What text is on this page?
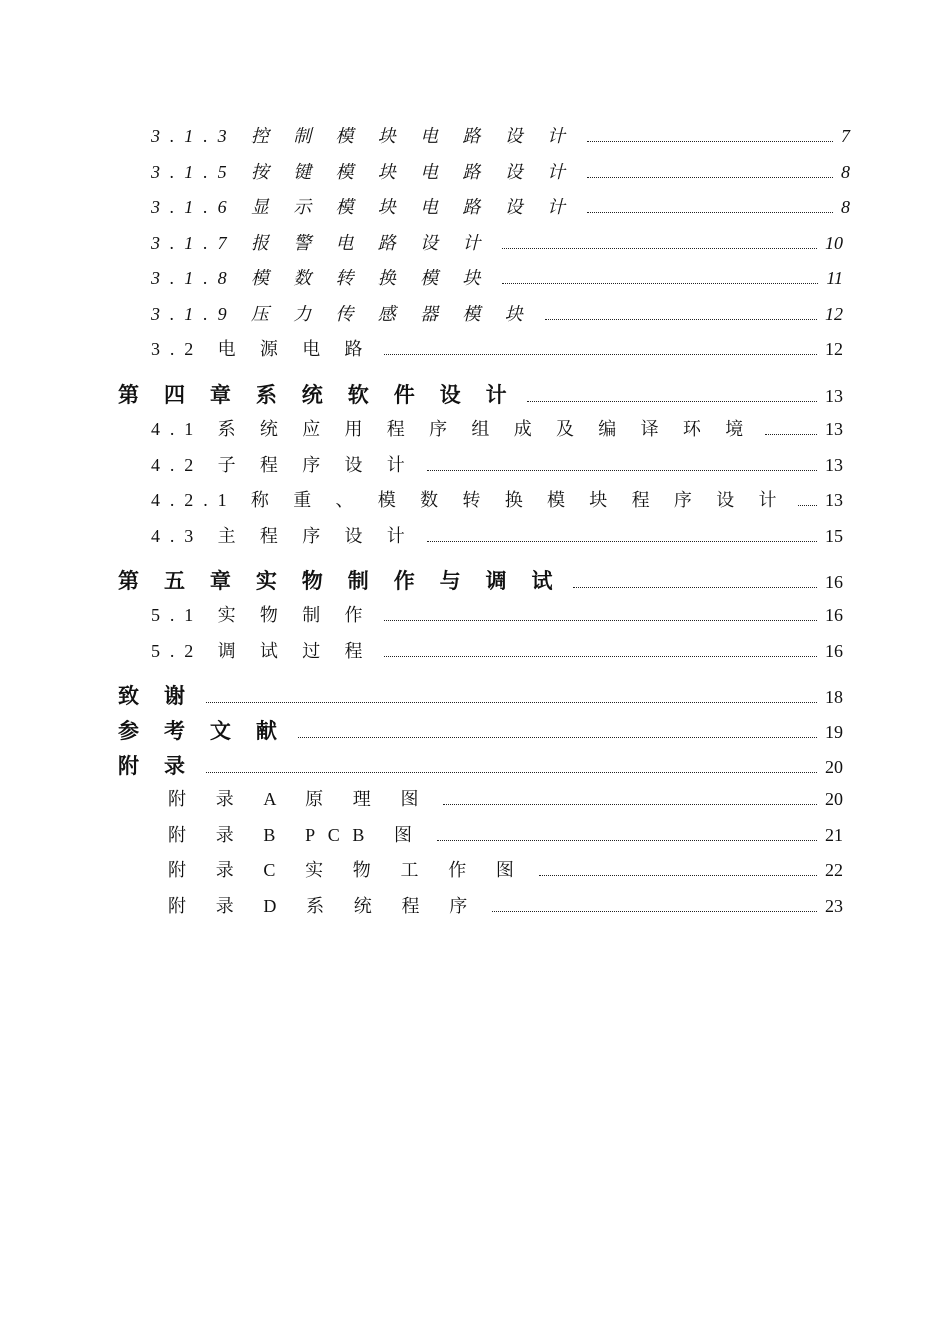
3.1.3 控 制 模 块 电 路 设 计	7
3.1.5 按 键 模 块 电 路 设 计	8
3.1.6 显 示 模 块 电 路 设 计	8
3.1.7 报 警 电 路 设 计	10
3.1.8 模 数 转 换 模 块	11
3.1.9 压 力 传 感 器 模 块	12
3.2 电 源 电 路	12
第 四 章 系 统 软 件 设 计	13
4.1 系 统 应 用 程 序 组 成 及 编 译 环 境	13
4.2 子 程 序 设 计	13
4.2.1 称 重 、 模 数 转 换 模 块 程 序 设 计 13
4.3 主 程 序 设 计	15
第 五 章 实 物 制 作 与 调 试	16
5.1 实 物 制 作	16
5.2 调 试 过 程	16
致 谢	18
参 考 文 献	19
附 录	20
附 录 A 原 理 图	20
附 录 B PCB 图	21
附 录 C 实 物 工 作 图	22
附 录 D 系 统 程 序	23
